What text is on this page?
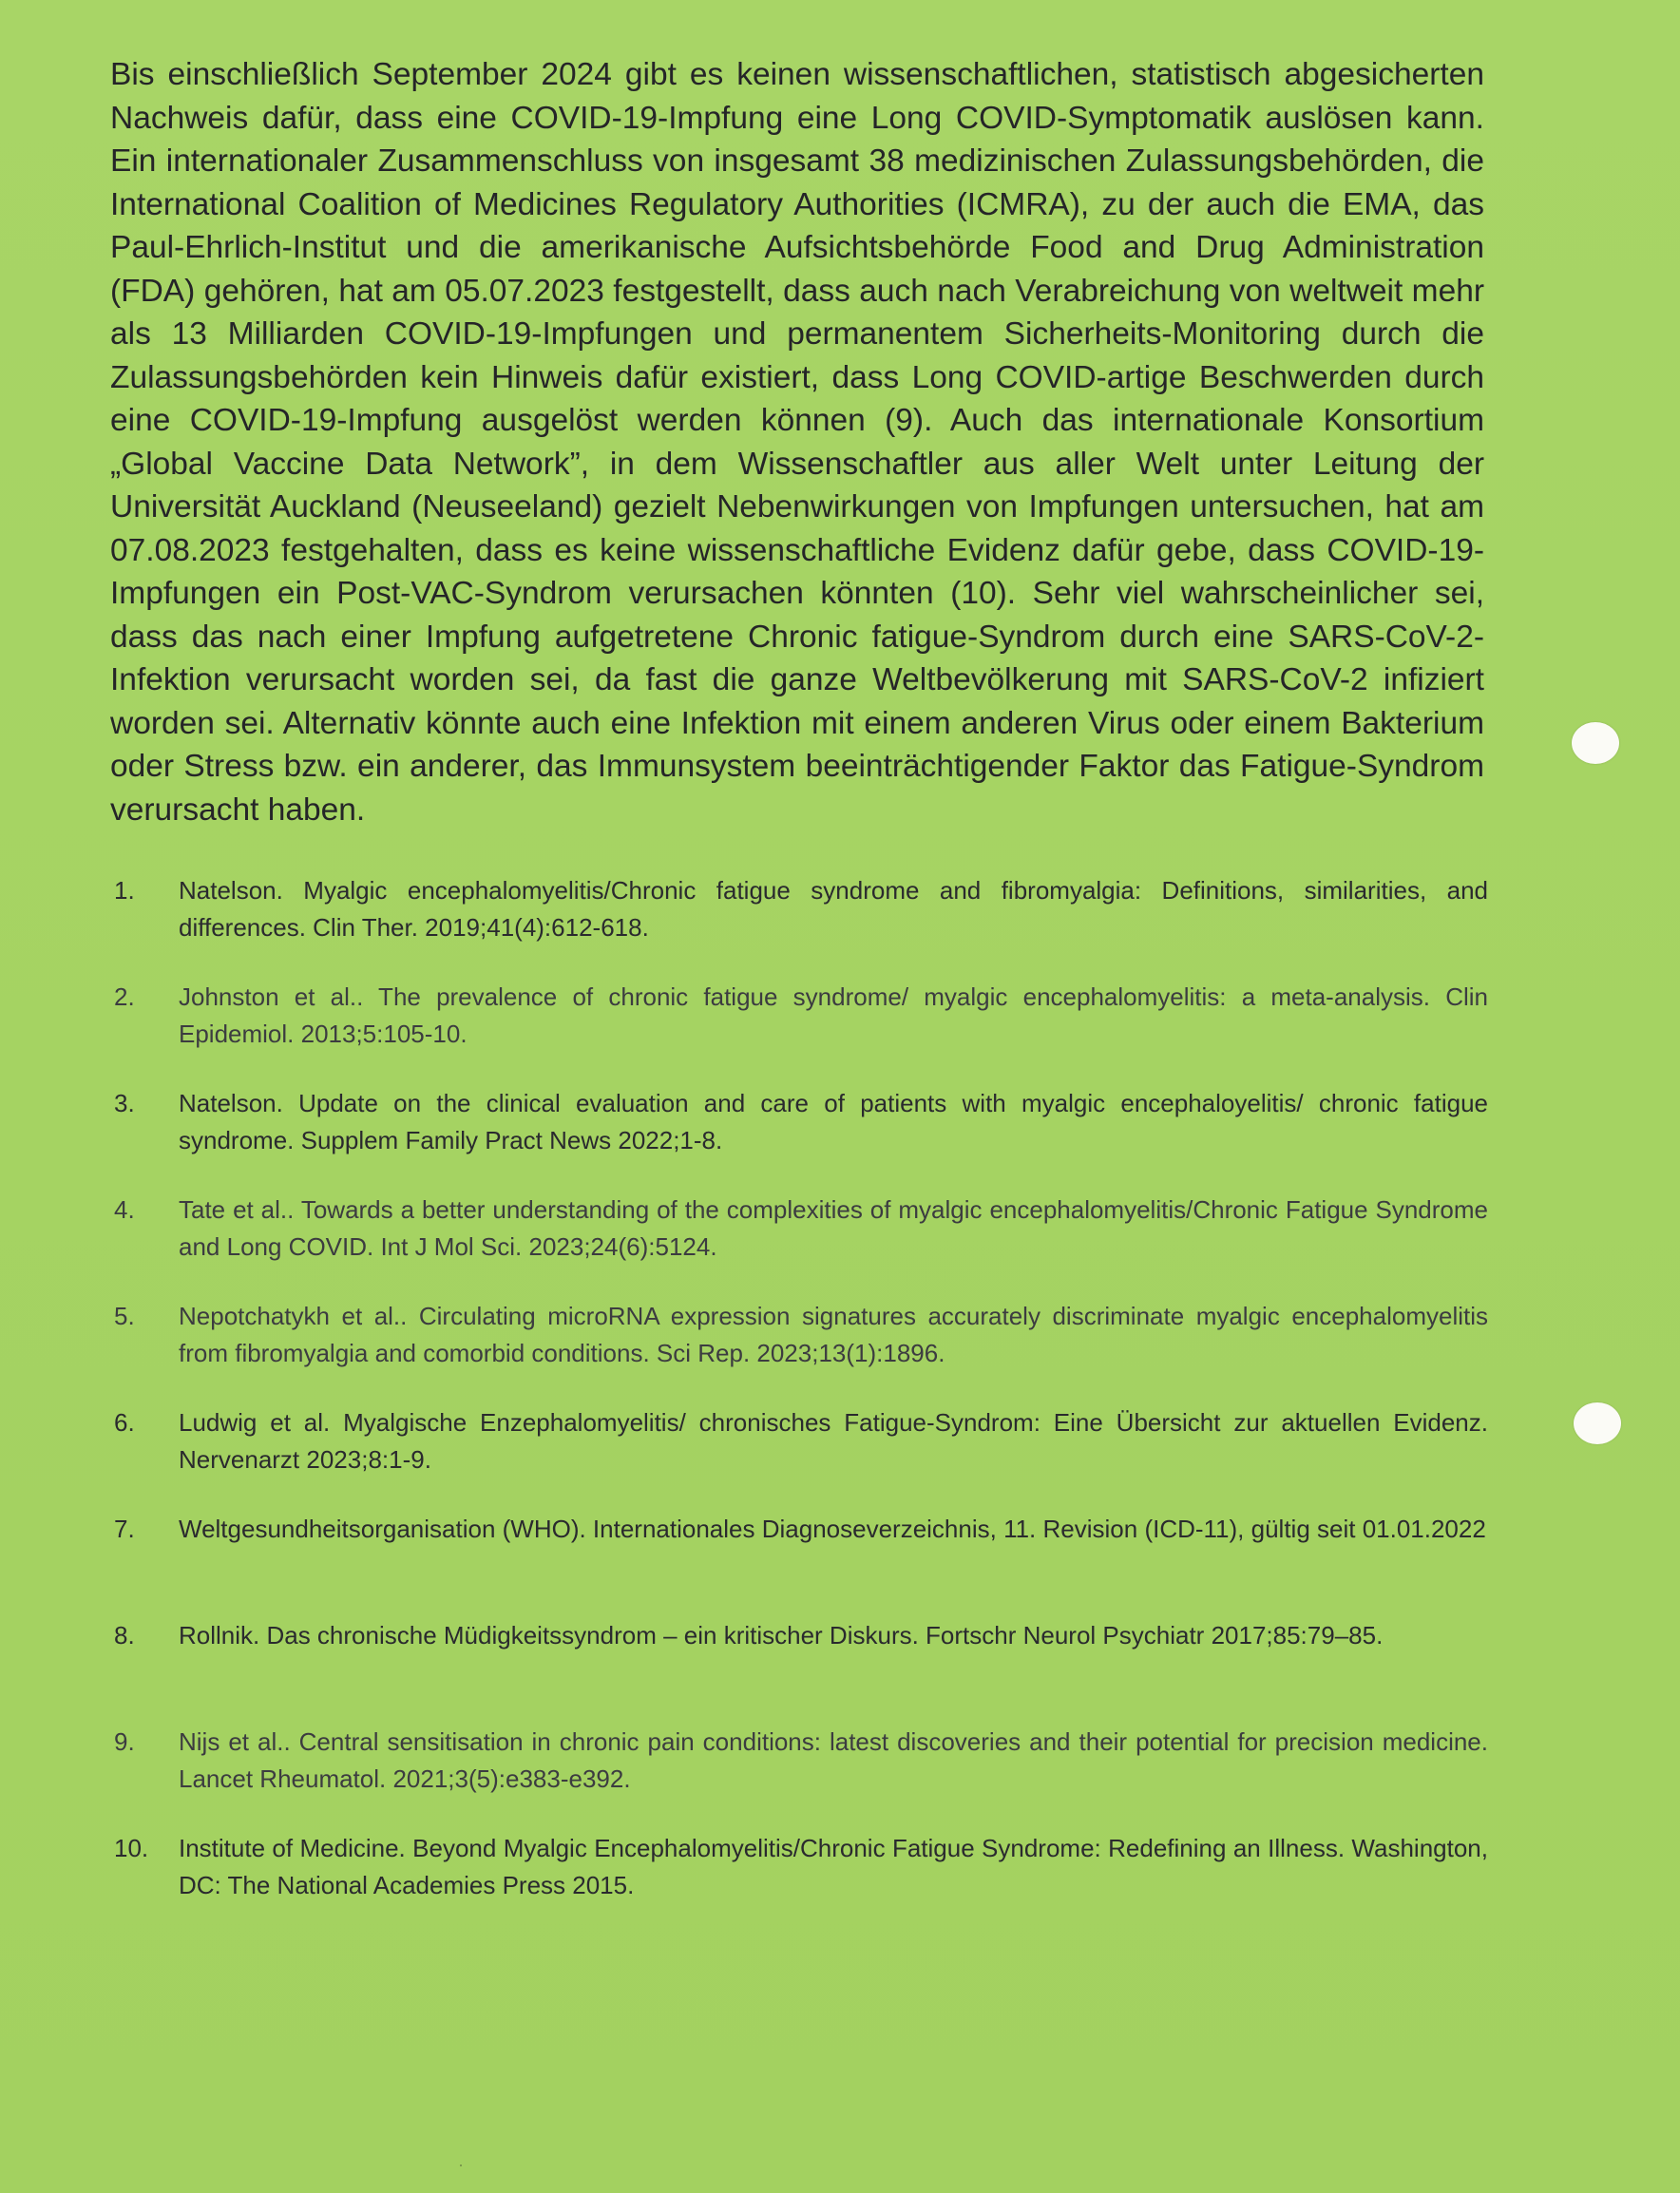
Bis einschließlich September 2024 gibt es keinen wissenschaftlichen, statistisch abgesicherten Nachweis dafür, dass eine COVID-19-Impfung eine Long COVID-Symptomatik auslösen kann. Ein internationaler Zusammenschluss von insgesamt 38 medizinischen Zulassungsbehörden, die International Coalition of Medicines Regulatory Authorities (ICMRA), zu der auch die EMA, das Paul-Ehrlich-Institut und die amerikanische Aufsichtsbehörde Food and Drug Administration (FDA) gehören, hat am 05.07.2023 festgestellt, dass auch nach Verabreichung von weltweit mehr als 13 Milliarden COVID-19-Impfungen und permanentem Sicherheits-Monitoring durch die Zulassungsbehörden kein Hinweis dafür existiert, dass Long COVID-artige Beschwerden durch eine COVID-19-Impfung ausgelöst werden können (9). Auch das internationale Konsortium „Global Vaccine Data Network”, in dem Wissenschaftler aus aller Welt unter Leitung der Universität Auckland (Neuseeland) gezielt Nebenwirkungen von Impfungen untersuchen, hat am 07.08.2023 festgehalten, dass es keine wissenschaftliche Evidenz dafür gebe, dass COVID-19-Impfungen ein Post-VAC-Syndrom verursachen könnten (10). Sehr viel wahrscheinlicher sei, dass das nach einer Impfung aufgetretene Chronic fatigue-Syndrom durch eine SARS-CoV-2-Infektion verursacht worden sei, da fast die ganze Weltbevölkerung mit SARS-CoV-2 infiziert worden sei. Alternativ könnte auch eine Infektion mit einem anderen Virus oder einem Bakterium oder Stress bzw. ein anderer, das Immunsystem beeinträchtigender Faktor das Fatigue-Syndrom verursacht haben.

1.	Natelson. Myalgic encephalomyelitis/Chronic fatigue syndrome and fibromyalgia: Definitions, similarities, and differences. Clin Ther. 2019;41(4):612-618.
2.	Johnston et al.. The prevalence of chronic fatigue syndrome/ myalgic encephalomyelitis: a meta-analysis. Clin Epidemiol. 2013;5:105-10.
3.	Natelson. Update on the clinical evaluation and care of patients with myalgic encephaloyelitis/ chronic fatigue syndrome. Supplem Family Pract News 2022;1-8.
4.	Tate et al.. Towards a better understanding of the complexities of myalgic encephalomyelitis/Chronic Fatigue Syndrome and Long COVID. Int J Mol Sci. 2023;24(6):5124.
5.	Nepotchatykh et al.. Circulating microRNA expression signatures accurately discriminate myalgic encephalomyelitis from fibromyalgia and comorbid conditions. Sci Rep. 2023;13(1):1896.
6.	Ludwig et al. Myalgische Enzephalomyelitis/ chronisches Fatigue-Syndrom: Eine Übersicht zur aktuellen Evidenz. Nervenarzt 2023;8:1-9.
7.	Weltgesundheitsorganisation (WHO). Internationales Diagnoseverzeichnis, 11. Revision (ICD-11), gültig seit 01.01.2022
8.	Rollnik. Das chronische Müdigkeitssyndrom – ein kritischer Diskurs. Fortschr Neurol Psychiatr 2017;85:79–85.
9.	Nijs et al.. Central sensitisation in chronic pain conditions: latest discoveries and their potential for precision medicine. Lancet Rheumatol. 2021;3(5):e383-e392.
10.	Institute of Medicine. Beyond Myalgic Encephalomyelitis/Chronic Fatigue Syndrome: Redefining an Illness. Washington, DC: The National Academies Press 2015.
